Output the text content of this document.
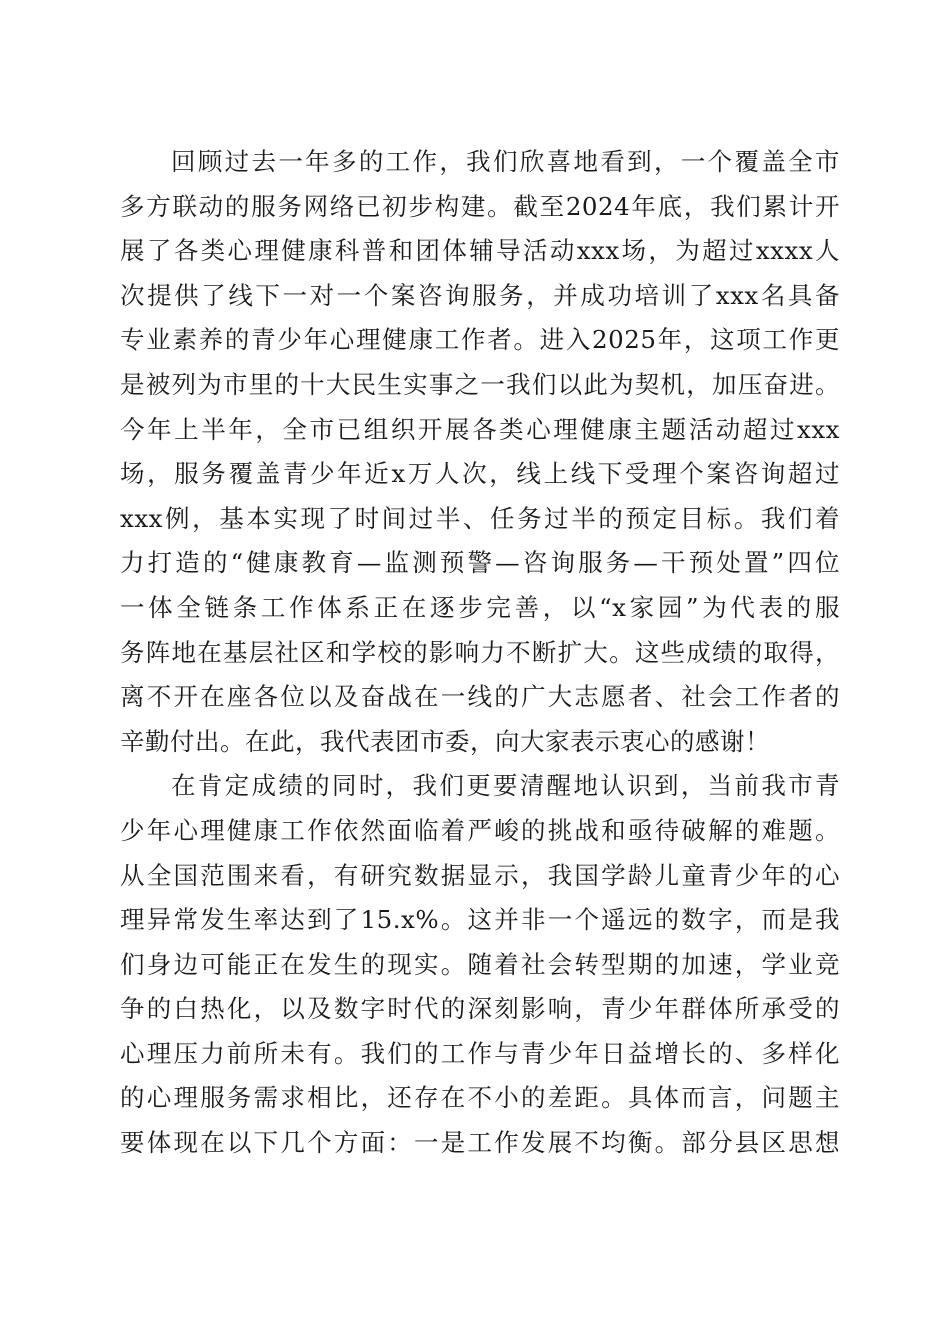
回顾过去一年多的工作，我们欣喜地看到，一个覆盖全市
多方联动的服务网络已初步构建。截至2024年底，我们累计开
展了各类心理健康科普和团体辅导活动xxx场，为超过xxxx人
次提供了线下一对一个案咨询服务，并成功培训了xxx名具备
专业素养的青少年心理健康工作者。进入2025年，这项工作更
是被列为市里的十大民生实事之一我们以此为契机，加压奋进。
今年上半年，全市已组织开展各类心理健康主题活动超过xxx
场，服务覆盖青少年近x万人次，线上线下受理个案咨询超过
xxx例，基本实现了时间过半、任务过半的预定目标。我们着
力打造的“健康教育—监测预警—咨询服务—干预处置”四位
一体全链条工作体系正在逐步完善，以“x家园”为代表的服
务阵地在基层社区和学校的影响力不断扩大。这些成绩的取得，
离不开在座各位以及奋战在一线的广大志愿者、社会工作者的
辛勤付出。在此，我代表团市委，向大家表示衷心的感谢！
在肯定成绩的同时，我们更要清醒地认识到，当前我市青
少年心理健康工作依然面临着严峻的挑战和亟待破解的难题。
从全国范围来看，有研究数据显示，我国学龄儿童青少年的心
理异常发生率达到了15.x%。这并非一个遥远的数字，而是我
们身边可能正在发生的现实。随着社会转型期的加速，学业竞
争的白热化，以及数字时代的深刻影响，青少年群体所承受的
心理压力前所未有。我们的工作与青少年日益增长的、多样化
的心理服务需求相比，还存在不小的差距。具体而言，问题主
要体现在以下几个方面：一是工作发展不均衡。部分县区思想
